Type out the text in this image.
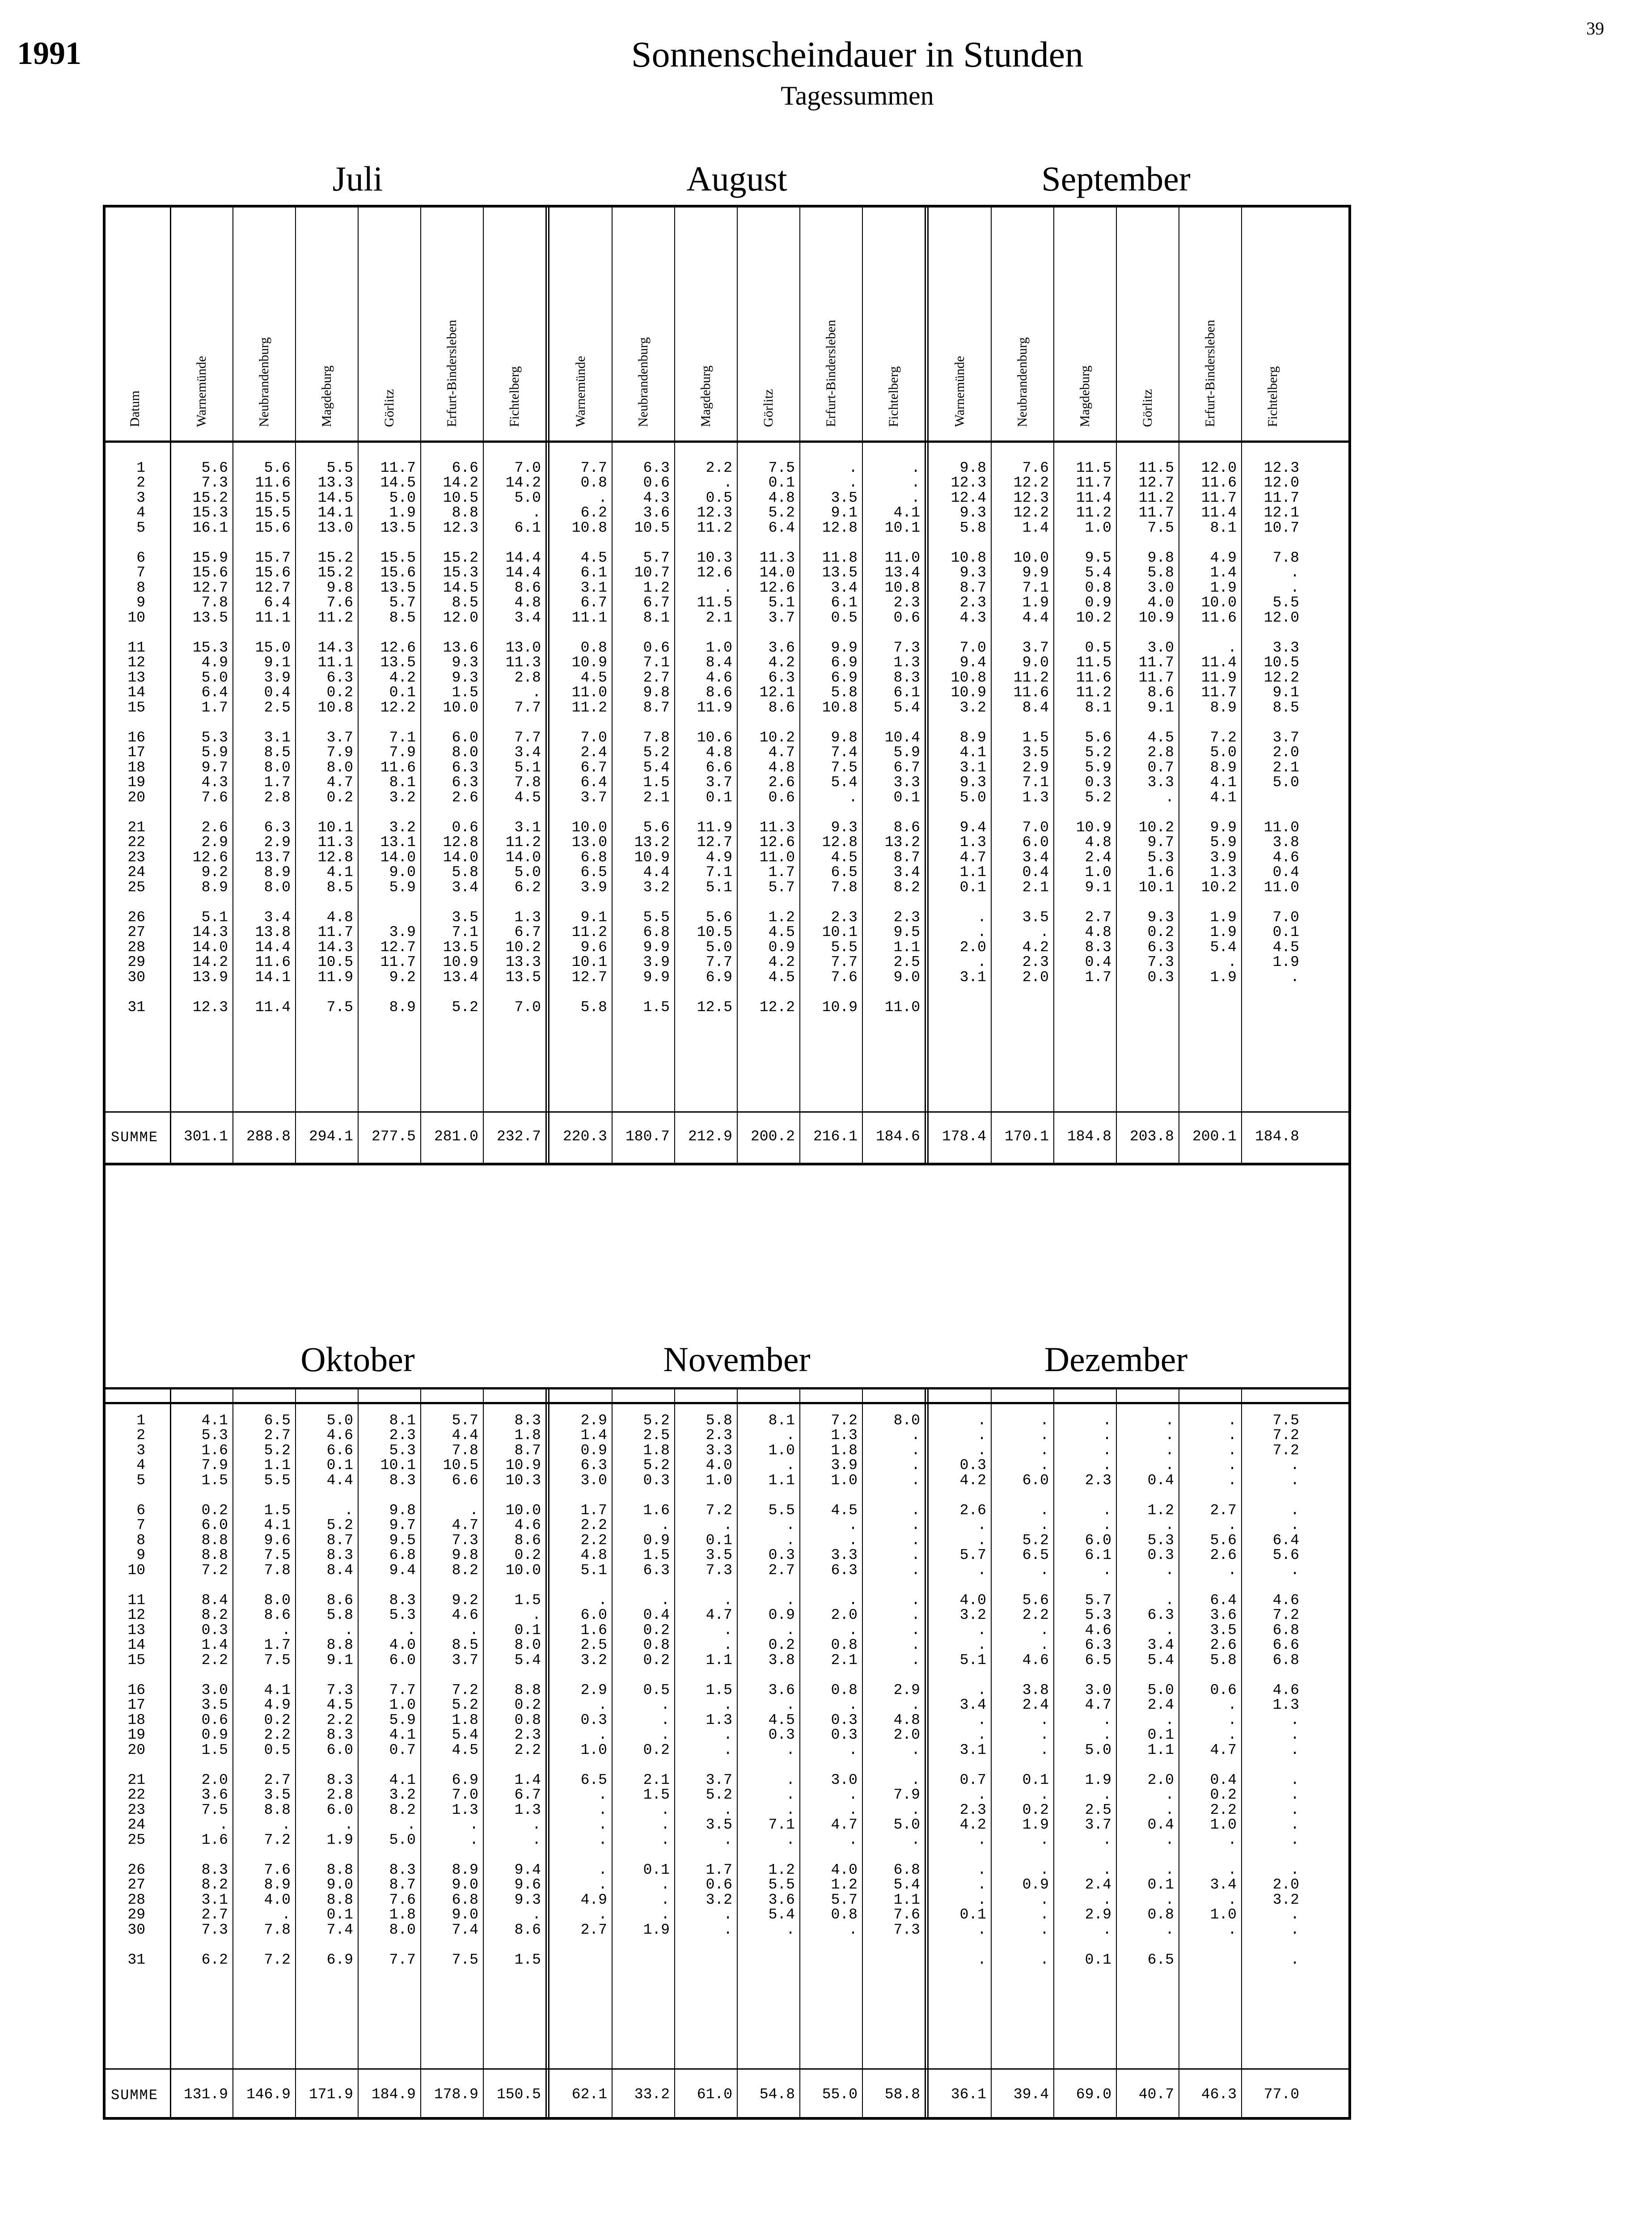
1991
39
Sonnenscheindauer in Stunden
Tagessummen
Datum
1
2
3
4
5
6
7
8
9
10
11
12
13
14
15
16
17
18
19
20
21
22
23
24
25
26
27
28
29
30
31
SUMME
Juli
Warnemünde
5.6
7.3
15.2
15.3
16.1
15.9
15.6
12.7
7.8
13.5
15.3
4.9
5.0
6.4
1.7
5.3
5.9
9.7
4.3
7.6
2.6
2.9
12.6
9.2
8.9
5.1
14.3
14.0
14.2
13.9
12.3
301.1
Neubrandenburg
5.6
11.6
15.5
15.5
15.6
15.7
15.6
12.7
6.4
11.1
15.0
9.1
3.9
0.4
2.5
3.1
8.5
8.0
1.7
2.8
6.3
2.9
13.7
8.9
8.0
3.4
13.8
14.4
11.6
14.1
11.4
288.8
Magdeburg
5.5
13.3
14.5
14.1
13.0
15.2
15.2
9.8
7.6
11.2
14.3
11.1
6.3
0.2
10.8
3.7
7.9
8.0
4.7
0.2
10.1
11.3
12.8
4.1
8.5
4.8
11.7
14.3
10.5
11.9
7.5
294.1
Görlitz
11.7
14.5
5.0
1.9
13.5
15.5
15.6
13.5
5.7
8.5
12.6
13.5
4.2
0.1
12.2
7.1
7.9
11.6
8.1
3.2
3.2
13.1
14.0
9.0
5.9
3.9
12.7
11.7
9.2
8.9
277.5
Erfurt-Bindersleben
6.6
14.2
10.5
8.8
12.3
15.2
15.3
14.5
8.5
12.0
13.6
9.3
9.3
1.5
10.0
6.0
8.0
6.3
6.3
2.6
0.6
12.8
14.0
5.8
3.4
3.5
7.1
13.5
10.9
13.4
5.2
281.0
Fichtelberg
7.0
14.2
5.0
.
6.1
14.4
14.4
8.6
4.8
3.4
13.0
11.3
2.8
.
7.7
7.7
3.4
5.1
7.8
4.5
3.1
11.2
14.0
5.0
6.2
1.3
6.7
10.2
13.3
13.5
7.0
232.7
August
Warnemünde
7.7
0.8
.
6.2
10.8
4.5
6.1
3.1
6.7
11.1
0.8
10.9
4.5
11.0
11.2
7.0
2.4
6.7
6.4
3.7
10.0
13.0
6.8
6.5
3.9
9.1
11.2
9.6
10.1
12.7
5.8
220.3
Neubrandenburg
6.3
0.6
4.3
3.6
10.5
5.7
10.7
1.2
6.7
8.1
0.6
7.1
2.7
9.8
8.7
7.8
5.2
5.4
1.5
2.1
5.6
13.2
10.9
4.4
3.2
5.5
6.8
9.9
3.9
9.9
1.5
180.7
Magdeburg
2.2
.
0.5
12.3
11.2
10.3
12.6
.
11.5
2.1
1.0
8.4
4.6
8.6
11.9
10.6
4.8
6.6
3.7
0.1
11.9
12.7
4.9
7.1
5.1
5.6
10.5
5.0
7.7
6.9
12.5
212.9
Görlitz
7.5
0.1
4.8
5.2
6.4
11.3
14.0
12.6
5.1
3.7
3.6
4.2
6.3
12.1
8.6
10.2
4.7
4.8
2.6
0.6
11.3
12.6
11.0
1.7
5.7
1.2
4.5
0.9
4.2
4.5
12.2
200.2
Erfurt-Bindersleben
.
.
3.5
9.1
12.8
11.8
13.5
3.4
6.1
0.5
9.9
6.9
6.9
5.8
10.8
9.8
7.4
7.5
5.4
.
9.3
12.8
4.5
6.5
7.8
2.3
10.1
5.5
7.7
7.6
10.9
216.1
Fichtelberg
.
.
.
4.1
10.1
11.0
13.4
10.8
2.3
0.6
7.3
1.3
8.3
6.1
5.4
10.4
5.9
6.7
3.3
0.1
8.6
13.2
8.7
3.4
8.2
2.3
9.5
1.1
2.5
9.0
11.0
184.6
September
Warnemünde
9.8
12.3
12.4
9.3
5.8
10.8
9.3
8.7
2.3
4.3
7.0
9.4
10.8
10.9
3.2
8.9
4.1
3.1
9.3
5.0
9.4
1.3
4.7
1.1
0.1
.
.
2.0
.
3.1
178.4
Neubrandenburg
7.6
12.2
12.3
12.2
1.4
10.0
9.9
7.1
1.9
4.4
3.7
9.0
11.2
11.6
8.4
1.5
3.5
2.9
7.1
1.3
7.0
6.0
3.4
0.4
2.1
3.5
.
4.2
2.3
2.0
170.1
Magdeburg
11.5
11.7
11.4
11.2
1.0
9.5
5.4
0.8
0.9
10.2
0.5
11.5
11.6
11.2
8.1
5.6
5.2
5.9
0.3
5.2
10.9
4.8
2.4
1.0
9.1
2.7
4.8
8.3
0.4
1.7
184.8
Görlitz
11.5
12.7
11.2
11.7
7.5
9.8
5.8
3.0
4.0
10.9
3.0
11.7
11.7
8.6
9.1
4.5
2.8
0.7
3.3
.
10.2
9.7
5.3
1.6
10.1
9.3
0.2
6.3
7.3
0.3
203.8
Erfurt-Bindersleben
12.0
11.6
11.7
11.4
8.1
4.9
1.4
1.9
10.0
11.6
.
11.4
11.9
11.7
8.9
7.2
5.0
8.9
4.1
4.1
9.9
5.9
3.9
1.3
10.2
1.9
1.9
5.4
.
1.9
200.1
Fichtelberg
12.3
12.0
11.7
12.1
10.7
7.8
.
.
5.5
12.0
3.3
10.5
12.2
9.1
8.5
3.7
2.0
2.1
5.0
11.0
3.8
4.6
0.4
11.0
7.0
0.1
4.5
1.9
.
184.8
1
2
3
4
5
6
7
8
9
10
11
12
13
14
15
16
17
18
19
20
21
22
23
24
25
26
27
28
29
30
31
SUMME
Oktober
4.1
5.3
1.6
7.9
1.5
0.2
6.0
8.8
8.8
7.2
8.4
8.2
0.3
1.4
2.2
3.0
3.5
0.6
0.9
1.5
2.0
3.6
7.5
.
1.6
8.3
8.2
3.1
2.7
7.3
6.2
131.9
6.5
2.7
5.2
1.1
5.5
1.5
4.1
9.6
7.5
7.8
8.0
8.6
.
1.7
7.5
4.1
4.9
0.2
2.2
0.5
2.7
3.5
8.8
.
7.2
7.6
8.9
4.0
.
7.8
7.2
146.9
5.0
4.6
6.6
0.1
4.4
.
5.2
8.7
8.3
8.4
8.6
5.8
.
8.8
9.1
7.3
4.5
2.2
8.3
6.0
8.3
2.8
6.0
.
1.9
8.8
9.0
8.8
0.1
7.4
6.9
171.9
8.1
2.3
5.3
10.1
8.3
9.8
9.7
9.5
6.8
9.4
8.3
5.3
.
4.0
6.0
7.7
1.0
5.9
4.1
0.7
4.1
3.2
8.2
.
5.0
8.3
8.7
7.6
1.8
8.0
7.7
184.9
5.7
4.4
7.8
10.5
6.6
.
4.7
7.3
9.8
8.2
9.2
4.6
.
8.5
3.7
7.2
5.2
1.8
5.4
4.5
6.9
7.0
1.3
.
.
8.9
9.0
6.8
9.0
7.4
7.5
178.9
8.3
1.8
8.7
10.9
10.3
10.0
4.6
8.6
0.2
10.0
1.5
.
0.1
8.0
5.4
8.8
0.2
0.8
2.3
2.2
1.4
6.7
1.3
.
.
9.4
9.6
9.3
.
8.6
1.5
150.5
November
2.9
1.4
0.9
6.3
3.0
1.7
2.2
2.2
4.8
5.1
.
6.0
1.6
2.5
3.2
2.9
.
0.3
.
1.0
6.5
.
.
.
.
.
.
4.9
.
2.7
62.1
5.2
2.5
1.8
5.2
0.3
1.6
.
0.9
1.5
6.3
.
0.4
0.2
0.8
0.2
0.5
.
.
.
0.2
2.1
1.5
.
.
.
0.1
.
.
.
1.9
33.2
5.8
2.3
3.3
4.0
1.0
7.2
.
0.1
3.5
7.3
.
4.7
.
.
1.1
1.5
.
1.3
.
.
3.7
5.2
.
3.5
.
1.7
0.6
3.2
.
.
61.0
8.1
.
1.0
.
1.1
5.5
.
.
0.3
2.7
.
0.9
.
0.2
3.8
3.6
.
4.5
0.3
.
.
.
.
7.1
.
1.2
5.5
3.6
5.4
.
54.8
7.2
1.3
1.8
3.9
1.0
4.5
.
.
3.3
6.3
.
2.0
.
0.8
2.1
0.8
.
0.3
0.3
.
3.0
.
.
4.7
.
4.0
1.2
5.7
0.8
.
55.0
8.0
.
.
.
.
.
.
.
.
.
.
.
.
.
.
2.9
.
4.8
2.0
.
.
7.9
.
5.0
.
6.8
5.4
1.1
7.6
7.3
58.8
Dezember
.
.
.
0.3
4.2
2.6
.
.
5.7
.
4.0
3.2
.
.
5.1
.
3.4
.
.
3.1
0.7
.
2.3
4.2
.
.
.
.
0.1
.
.
36.1
.
.
.
.
6.0
.
.
5.2
6.5
.
5.6
2.2
.
.
4.6
3.8
2.4
.
.
.
0.1
.
0.2
1.9
.
.
0.9
.
.
.
.
39.4
.
.
.
.
2.3
.
.
6.0
6.1
.
5.7
5.3
4.6
6.3
6.5
3.0
4.7
.
.
5.0
1.9
.
2.5
3.7
.
.
2.4
.
2.9
.
0.1
69.0
.
.
.
.
0.4
1.2
.
5.3
0.3
.
.
6.3
.
3.4
5.4
5.0
2.4
.
0.1
1.1
2.0
.
.
0.4
.
.
0.1
.
0.8
.
6.5
40.7
.
.
.
.
.
2.7
.
5.6
2.6
.
6.4
3.6
3.5
2.6
5.8
0.6
.
.
.
4.7
0.4
0.2
2.2
1.0
.
.
3.4
.
1.0
.
46.3
7.5
7.2
7.2
.
.
.
.
6.4
5.6
.
4.6
7.2
6.8
6.6
6.8
4.6
1.3
.
.
.
.
.
.
.
.
.
2.0
3.2
.
.
.
77.0
